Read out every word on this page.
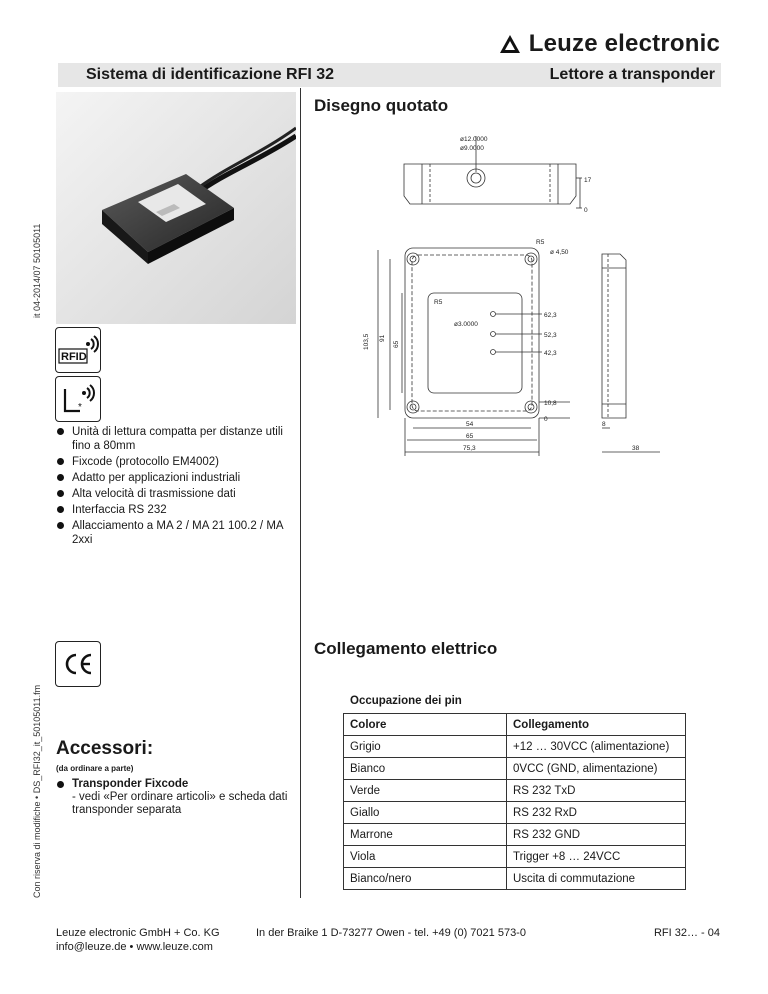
Leuze electronic
Sistema di identificazione RFI 32	Lettore a transponder
it 04-2014/07 50105011
Con riserva di modifiche • DS_RFI32_it_50105011.fm
RFID
*
Unità di lettura compatta per distanze utili fino a 80mm
Fixcode (protocollo EM4002)
Adatto per applicazioni industriali
Alta velocità di trasmissione dati
Interfaccia RS 232
Allacciamento a MA 2 / MA 21 100.2 / MA 2xxi
Accessori:
(da ordinare a parte)
Transponder Fixcode
- vedi «Per ordinare articoli» e scheda dati transponder separata
Disegno quotato
ø12.0000
ø9.0000
17
0
R5
ø 4,50
R5
ø3.0000
62,3
52,3
42,3
10,8
0
103,5 91
65
54
65
75,3
8
38
Collegamento elettrico
Occupazione dei pin
Colore	Collegamento
Grigio	+12 … 30VCC (alimentazione)
Bianco	0VCC (GND, alimentazione)
Verde	RS 232 TxD
Giallo	RS 232 RxD
Marrone	RS 232 GND
Viola	Trigger +8 … 24VCC
Bianco/nero	Uscita di commutazione
Leuze electronic GmbH + Co. KG
info@leuze.de • www.leuze.com
In der Braike 1 D-73277 Owen - tel. +49 (0) 7021 573-0	RFI 32… - 04
